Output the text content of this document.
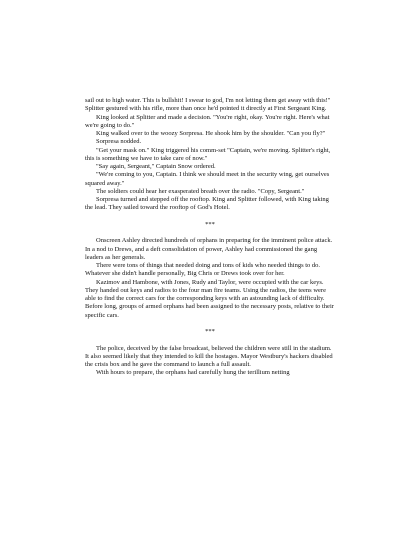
sail out to high water. This is bullshit! I swear to god, I'm not letting them get away with this!" Splitter gestured with his rifle, more than once he'd pointed it directly at First Sergeant King.

King looked at Splitter and made a decision. "You're right, okay. You're right. Here's what we're going to do."

King walked over to the woozy Sorpresa. He shook him by the shoulder. "Can you fly?"

Sorpresa nodded.

"Get your mask on." King triggered his comm-set "Captain, we're moving. Splitter's right, this is something we have to take care of now."

"Say again, Sergeant," Captain Snow ordered.

"We're coming to you, Captain. I think we should meet in the security wing, get ourselves squared away."

The soldiers could hear her exasperated breath over the radio. "Copy, Sergeant."

Sorpresa turned and stepped off the rooftop. King and Splitter followed, with King taking the lead. They sailed toward the rooftop of God's Hotel.

***

Onscreen Ashley directed hundreds of orphans in preparing for the imminent police attack. In a nod to Drews, and a deft consolidation of power, Ashley had commissioned the gang leaders as her generals.

There were tons of things that needed doing and tons of kids who needed things to do. Whatever she didn't handle personally, Big Chris or Drews took over for her.

Kazimov and Hambone, with Jones, Rudy and Taylor, were occupied with the car keys. They handed out keys and radios to the four man fire teams. Using the radios, the teens were able to find the correct cars for the corresponding keys with an astounding lack of difficulty. Before long, groups of armed orphans had been assigned to the necessary posts, relative to their specific cars.

***

The police, deceived by the false broadcast, believed the children were still in the stadium. It also seemed likely that they intended to kill the hostages. Mayor Westbury's hackers disabled the crisis box and he gave the command to launch a full assault.

With hours to prepare, the orphans had carefully hung the terillium netting
